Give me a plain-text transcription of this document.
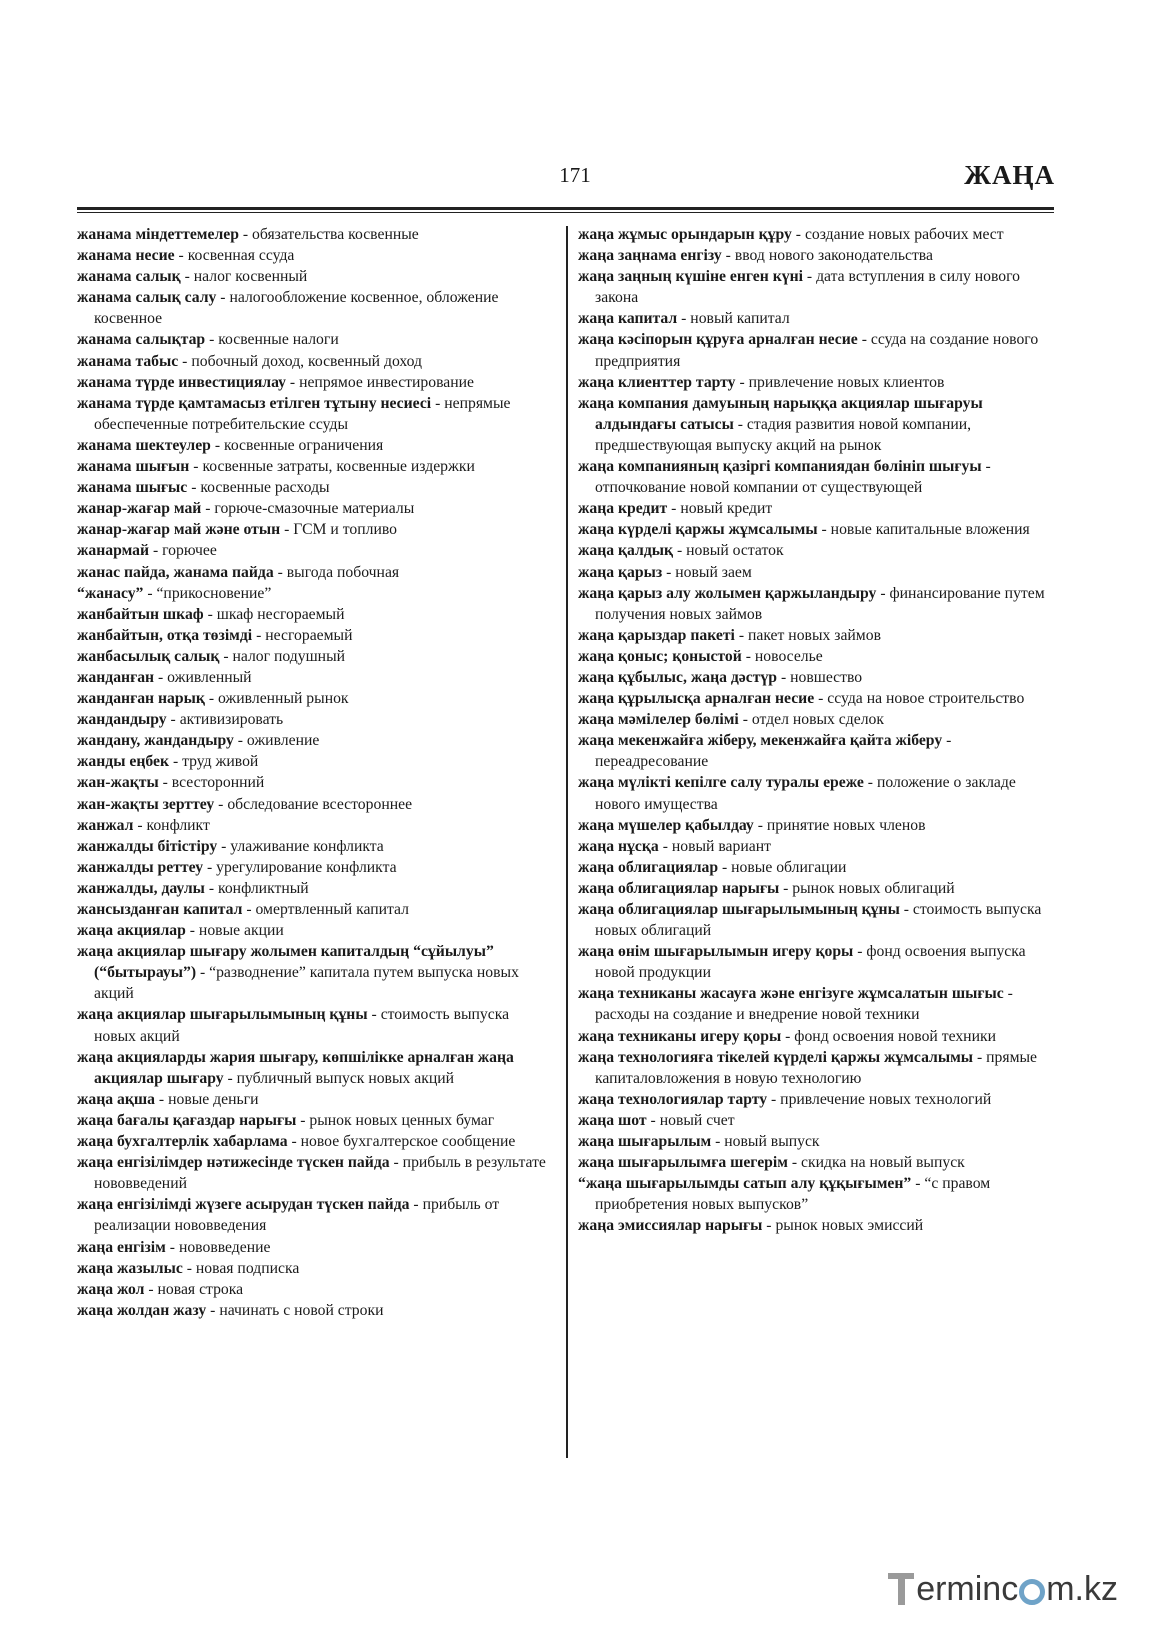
171	ЖАҢА
жанама міндеттемелер - обязательства косвенные
жанама несие - косвенная ссуда
жанама салық - налог косвенный
жанама салық салу - налогообложение косвенное, обложение косвенное
жанама салықтар - косвенные налоги
жанама табыс - побочный доход, косвенный доход
жанама түрде инвестициялау - непрямое инвестирование
жанама түрде қамтамасыз етілген тұтыну несиесі - непрямые обеспеченные потребительские ссуды
жанама шектеулер - косвенные ограничения
жанама шығын - косвенные затраты, косвенные издержки
жанама шығыс - косвенные расходы
жанар-жағар май - горюче-смазочные материалы
жанар-жағар май және отын - ГСМ и топливо
жанармай - горючее
жанас пайда, жанама пайда - выгода побочная
“жанасу” - “прикосновение”
жанбайтын шкаф - шкаф несгораемый
жанбайтын, отқа төзімді - несгораемый
жанбасылық салық - налог подушный
жанданған - оживленный
жанданған нарық - оживленный рынок
жандандыру - активизировать
жандану, жандандыру - оживление
жанды еңбек - труд живой
жан-жақты - всесторонний
жан-жақты зерттеу - обследование всестороннее
жанжал - конфликт
жанжалды бітістіру - улаживание конфликта
жанжалды реттеу - урегулирование конфликта
жанжалды, даулы - конфликтный
жансызданған капитал - омертвленный капитал
жаңа акциялар - новые акции
жаңа акциялар шығару жолымен капиталдың “сұйылуы” (“бытырауы”) - “разводнение” капитала путем выпуска новых акций
жаңа акциялар шығарылымының құны - стоимость выпуска новых акций
жаңа акцияларды жария шығару, көпшілікке арналған жаңа акциялар шығару - публичный выпуск новых акций
жаңа ақша - новые деньги
жаңа бағалы қағаздар нарығы - рынок новых ценных бумаг
жаңа бухгалтерлік хабарлама - новое бухгалтерское сообщение
жаңа енгізілімдер нәтижесінде түскен пайда - прибыль в результате нововведений
жаңа енгізілімді жүзеге асырудан түскен пайда - прибыль от реализации нововведения
жаңа енгізім - нововведение
жаңа жазылыс - новая подписка
жаңа жол - новая строка
жаңа жолдан жазу - начинать с новой строки
жаңа жұмыс орындарын құру - создание новых рабочих мест
жаңа заңнама енгізу - ввод нового законодательства
жаңа заңның күшіне енген күні - дата вступления в силу нового закона
жаңа капитал - новый капитал
жаңа кәсіпорын құруға арналған несие - ссуда на создание нового предприятия
жаңа клиенттер тарту - привлечение новых клиентов
жаңа компания дамуының нарыққа акциялар шығаруы алдындағы сатысы - стадия развития новой компании, предшествующая выпуску акций на рынок
жаңа компанияның қазіргі компаниядан бөлініп шығуы - отпочкование новой компании от существующей
жаңа кредит - новый кредит
жаңа күрделі қаржы жұмсалымы - новые капитальные вложения
жаңа қалдық - новый остаток
жаңа қарыз - новый заем
жаңа қарыз алу жолымен қаржыландыру - финансирование путем получения новых займов
жаңа қарыздар пакеті - пакет новых займов
жаңа қоныс; қоныстой - новоселье
жаңа құбылыс, жаңа дәстүр - новшество
жаңа құрылысқа арналған несие - ссуда на новое строительство
жаңа мәмілелер бөлімі - отдел новых сделок
жаңа мекенжайға жіберу, мекенжайға қайта жіберу - переадресование
жаңа мүлікті кепілге салу туралы ереже - положение о закладе нового имущества
жаңа мүшелер қабылдау - принятие новых членов
жаңа нұсқа - новый вариант
жаңа облигациялар - новые облигации
жаңа облигациялар нарығы - рынок новых облигаций
жаңа облигациялар шығарылымының құны - стоимость выпуска новых облигаций
жаңа өнім шығарылымын игеру қоры - фонд освоения выпуска новой продукции
жаңа техниканы жасауға және енгізуге жұмсалатын шығыс - расходы на создание и внедрение новой техники
жаңа техниканы игеру қоры - фонд освоения новой техники
жаңа технологияға тікелей күрделі қаржы жұмсалымы - прямые капиталовложения в новую технологию
жаңа технологиялар тарту - привлечение новых технологий
жаңа шот - новый счет
жаңа шығарылым - новый выпуск
жаңа шығарылымға шегерім - скидка на новый выпуск
“жаңа шығарылымды сатып алу құқығымен” - “с правом приобретения новых выпусков”
жаңа эмиссиялар нарығы - рынок новых эмиссий
ermin c m.kz
